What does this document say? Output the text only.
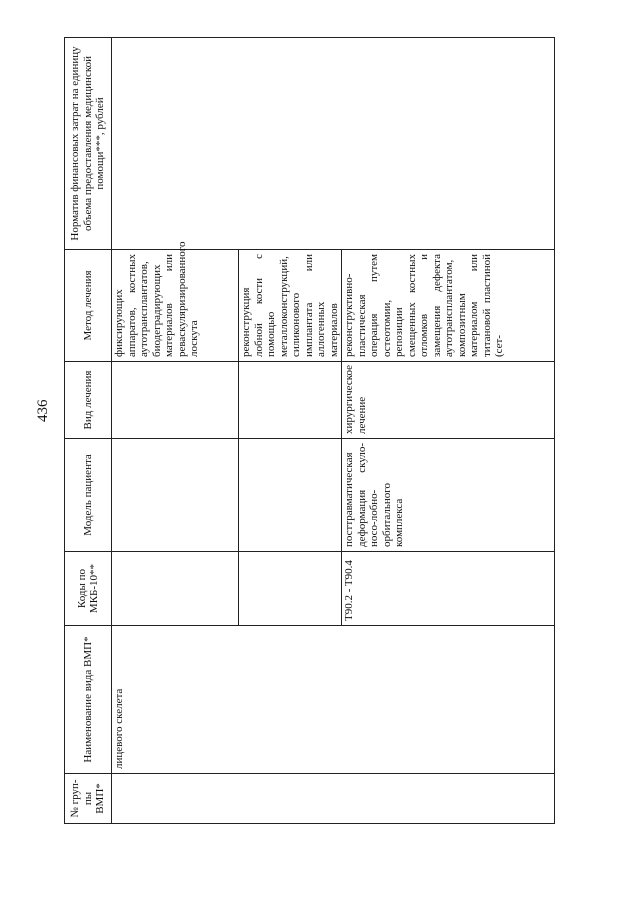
436
№ груп-пы ВМП*	Наименование вида ВМП*	Коды по МКБ-10**	Модель пациента	Вид лечения	Метод лечения	Норматив финансовых затрат на единицу объема предоставления медицинской помощи***, рублей
	лицевого скелета				фиксирующих аппаратов, костных аутотрансплантатов, биодеградирующих материалов или реваскуляризированного лоскута	
					реконструкция лобной кости с помощью металлоконструкций, силиконового имплантата или аллогенных материалов	
		T90.2 - T90.4	посттравматическая деформация скуло-носо-лобно-орбитального комплекса	хирургическое лечение	реконструктивно-пластическая операция путем остеотомии, репозиции смещенных костных отломков и замещения дефекта аутотрансплантатом, композитным материалом или титановой пластиной (сет-	
